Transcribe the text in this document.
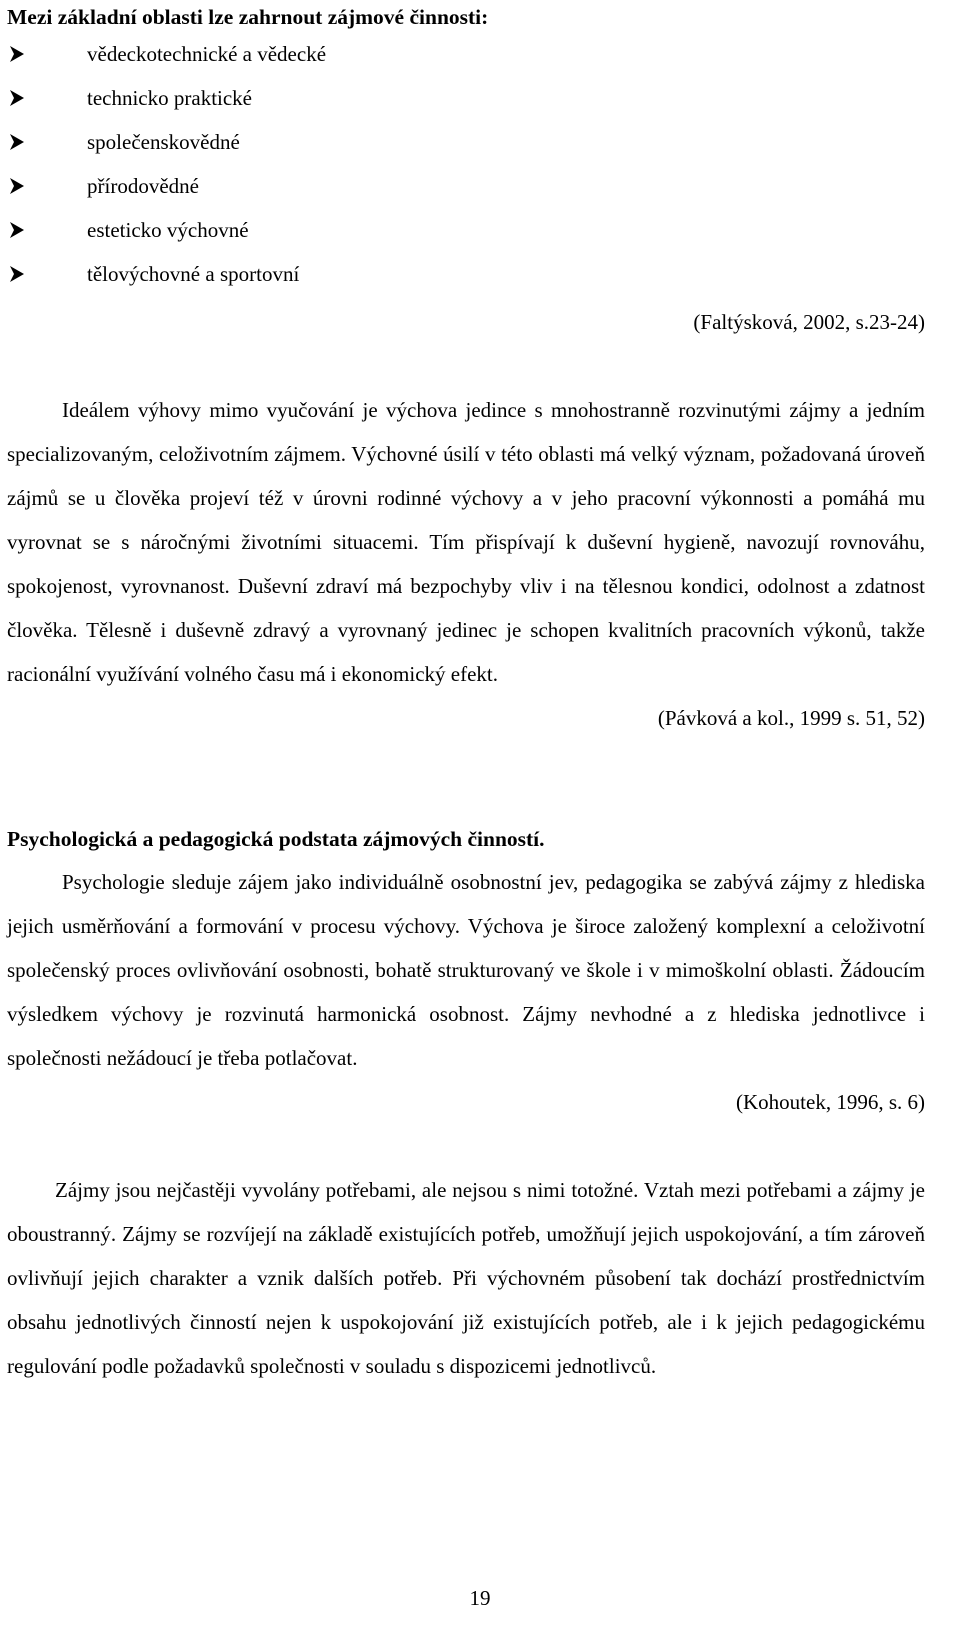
Mezi základní oblasti lze zahrnout zájmové činnosti:

vědeckotechnické a vědecké
technicko praktické
společenskovědné
přírodovědné
esteticko výchovné
tělovýchovné a sportovní

(Faltýsková, 2002, s.23-24)

Ideálem výhovy mimo vyučování je výchova jedince s mnohostranně rozvinutými zájmy a jedním specializovaným, celoživotním zájmem. Výchovné úsilí v této oblasti má velký význam, požadovaná úroveň zájmů se u člověka projeví též v úrovni rodinné výchovy a v jeho pracovní výkonnosti a pomáhá mu vyrovnat se s náročnými životními situacemi. Tím přispívají k duševní hygieně, navozují rovnováhu, spokojenost, vyrovnanost. Duševní zdraví má bezpochyby vliv i na tělesnou kondici, odolnost a zdatnost člověka. Tělesně i duševně zdravý a vyrovnaný jedinec je schopen kvalitních pracovních výkonů, takže racionální využívání volného času má i ekonomický efekt.

(Pávková a kol., 1999 s. 51, 52)

Psychologická a pedagogická podstata zájmových činností.

Psychologie sleduje zájem jako individuálně osobnostní jev, pedagogika se zabývá zájmy z hlediska jejich usměrňování a formování v procesu výchovy. Výchova je široce založený komplexní a celoživotní společenský proces ovlivňování osobnosti, bohatě strukturovaný ve škole i v mimoškolní oblasti. Žádoucím výsledkem výchovy je rozvinutá harmonická osobnost. Zájmy nevhodné a z hlediska jednotlivce i společnosti nežádoucí je třeba potlačovat.

(Kohoutek, 1996, s. 6)

Zájmy jsou nejčastěji vyvolány potřebami, ale nejsou s nimi totožné. Vztah mezi potřebami a zájmy je oboustranný. Zájmy se rozvíjejí na základě existujících potřeb, umožňují jejich uspokojování, a tím zároveň ovlivňují jejich charakter a vznik dalších potřeb. Při výchovném působení tak dochází prostřednictvím obsahu jednotlivých činností nejen k uspokojování již existujících potřeb, ale i k jejich pedagogickému regulování podle požadavků společnosti v souladu s dispozicemi jednotlivců.

19
